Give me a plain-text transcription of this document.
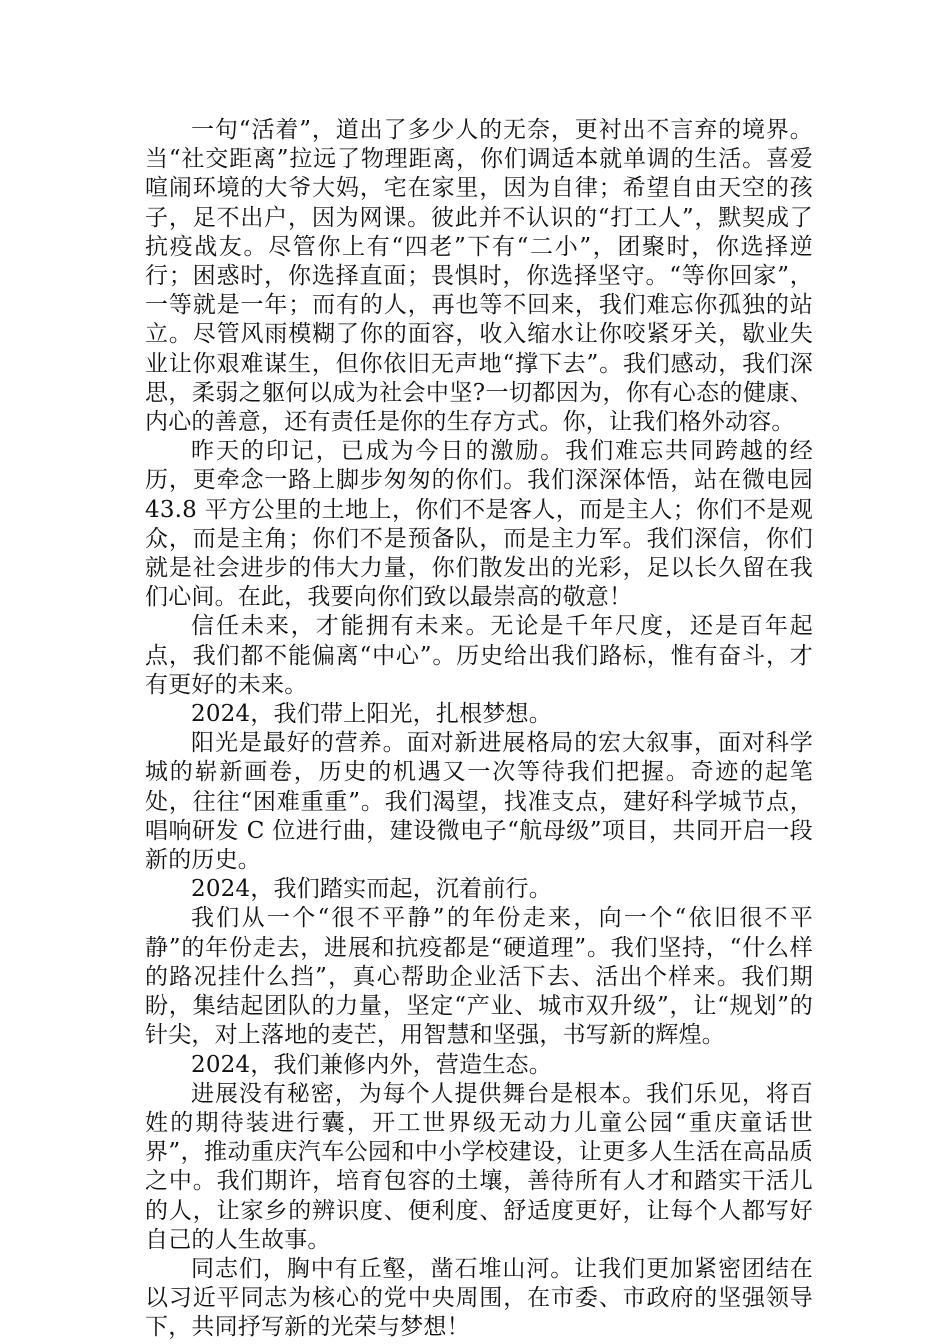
一句“活着”，道出了多少人的无奈，更衬出不言弃的境界。当“社交距离”拉远了物理距离，你们调适本就单调的生活。喜爱喧闹环境的大爷大妈，宅在家里，因为自律；希望自由天空的孩子，足不出户，因为网课。彼此并不认识的“打工人”，默契成了抗疫战友。尽管你上有“四老”下有“二小”，团聚时，你选择逆行；困惑时，你选择直面；畏惧时，你选择坚守。“等你回家”，一等就是一年；而有的人，再也等不回来，我们难忘你孤独的站立。尽管风雨模糊了你的面容，收入缩水让你咬紧牙关，歇业失业让你艰难谋生，但你依旧无声地“撑下去”。我们感动，我们深思，柔弱之躯何以成为社会中坚?一切都因为，你有心态的健康、内心的善意，还有责任是你的生存方式。你，让我们格外动容。

昨天的印记，已成为今日的激励。我们难忘共同跨越的经历，更牵念一路上脚步匆匆的你们。我们深深体悟，站在微电园 43.8 平方公里的土地上，你们不是客人，而是主人；你们不是观众，而是主角；你们不是预备队，而是主力军。我们深信，你们就是社会进步的伟大力量，你们散发出的光彩，足以长久留在我们心间。在此，我要向你们致以最崇高的敬意！

信任未来，才能拥有未来。无论是千年尺度，还是百年起点，我们都不能偏离“中心”。历史给出我们路标，惟有奋斗，才有更好的未来。

2024，我们带上阳光，扎根梦想。

阳光是最好的营养。面对新进展格局的宏大叙事，面对科学城的崭新画卷，历史的机遇又一次等待我们把握。奇迹的起笔处，往往“困难重重”。我们渴望，找准支点，建好科学城节点，唱响研发 C 位进行曲，建设微电子“航母级”项目，共同开启一段新的历史。

2024，我们踏实而起，沉着前行。

我们从一个“很不平静”的年份走来，向一个“依旧很不平静”的年份走去，进展和抗疫都是“硬道理”。我们坚持，“什么样的路况挂什么挡”，真心帮助企业活下去、活出个样来。我们期盼，集结起团队的力量，坚定“产业、城市双升级”，让“规划”的针尖，对上落地的麦芒，用智慧和坚强，书写新的辉煌。

2024，我们兼修内外，营造生态。

进展没有秘密，为每个人提供舞台是根本。我们乐见，将百姓的期待装进行囊，开工世界级无动力儿童公园“重庆童话世界”，推动重庆汽车公园和中小学校建设，让更多人生活在高品质之中。我们期许，培育包容的土壤，善待所有人才和踏实干活儿的人，让家乡的辨识度、便利度、舒适度更好，让每个人都写好自己的人生故事。

同志们，胸中有丘壑，凿石堆山河。让我们更加紧密团结在以习近平同志为核心的党中央周围，在市委、市政府的坚强领导下，共同抒写新的光荣与梦想！
